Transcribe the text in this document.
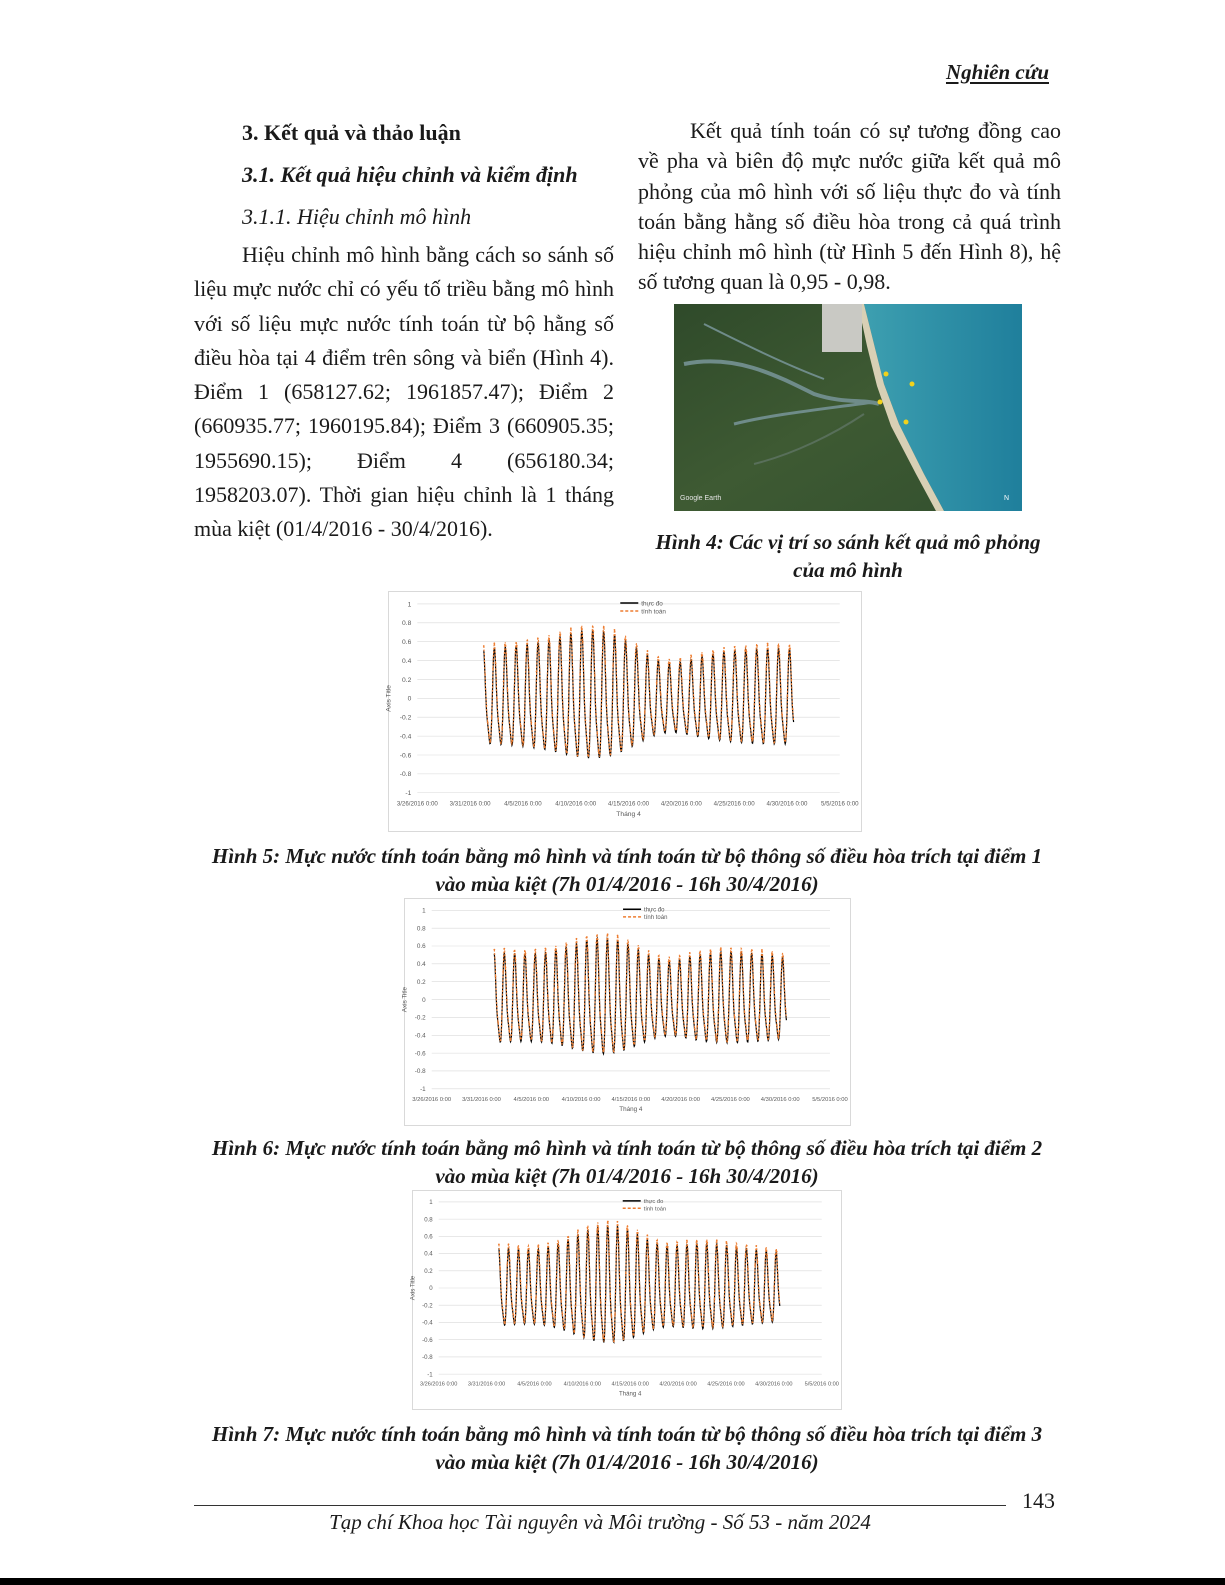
Nghiên cứu
3. Kết quả và thảo luận
3.1. Kết quả hiệu chỉnh và kiểm định
3.1.1. Hiệu chỉnh mô hình

Hiệu chỉnh mô hình bằng cách so sánh số liệu mực nước chỉ có yếu tố triều bằng mô hình với số liệu mực nước tính toán từ bộ hằng số điều hòa tại 4 điểm trên sông và biển (Hình 4). Điểm 1 (658127.62; 1961857.47); Điểm 2 (660935.77; 1960195.84); Điểm 3 (660905.35; 1955690.15); Điểm 4 (656180.34; 1958203.07). Thời gian hiệu chỉnh là 1 tháng mùa kiệt (01/4/2016 - 30/4/2016).

Kết quả tính toán có sự tương đồng cao về pha và biên độ mực nước giữa kết quả mô phỏng của mô hình với số liệu thực đo và tính toán bằng hằng số điều hòa trong cả quá trình hiệu chỉnh mô hình (từ Hình 5 đến Hình 8), hệ số tương quan là 0,95 - 0,98.

Google Earth	N
Hình 4: Các vị trí so sánh kết quả mô phỏng của mô hình
1
0.8
0.6
0.4
0.2
0
-0.2
-0.4
-0.6
-0.8
-1
3/26/2016 0:00 3/31/2016 0:00 4/5/2016 0:00 4/10/2016 0:00 4/15/2016 0:00 4/20/2016 0:00 4/25/2016 0:00 4/30/2016 0:00 5/5/2016 0:00
Tháng 4
Axis Title
thực đo
tính toán
Hình 5: Mực nước tính toán bằng mô hình và tính toán từ bộ thông số điều hòa trích tại điểm 1 vào mùa kiệt (7h 01/4/2016 - 16h 30/4/2016)
1
0.8
0.6
0.4
0.2
0
-0.2
-0.4
-0.6
-0.8
-1
3/26/2016 0:00 3/31/2016 0:00 4/5/2016 0:00 4/10/2016 0:00 4/15/2016 0:00 4/20/2016 0:00 4/25/2016 0:00 4/30/2016 0:00 5/5/2016 0:00
Tháng 4
Axis Title
thực đo
tính toán
Hình 6: Mực nước tính toán bằng mô hình và tính toán từ bộ thông số điều hòa trích tại điểm 2 vào mùa kiệt (7h 01/4/2016 - 16h 30/4/2016)
1
0.8
0.6
0.4
0.2
0
-0.2
-0.4
-0.6
-0.8
-1
3/26/2016 0:00 3/31/2016 0:00 4/5/2016 0:00 4/10/2016 0:00 4/15/2016 0:00 4/20/2016 0:00 4/25/2016 0:00 4/30/2016 0:00 5/5/2016 0:00
Tháng 4
Axis Title
thực đo
tính toán
Hình 7: Mực nước tính toán bằng mô hình và tính toán từ bộ thông số điều hòa trích tại điểm 3 vào mùa kiệt (7h 01/4/2016 - 16h 30/4/2016)
143
Tạp chí Khoa học Tài nguyên và Môi trường - Số 53 - năm 2024
